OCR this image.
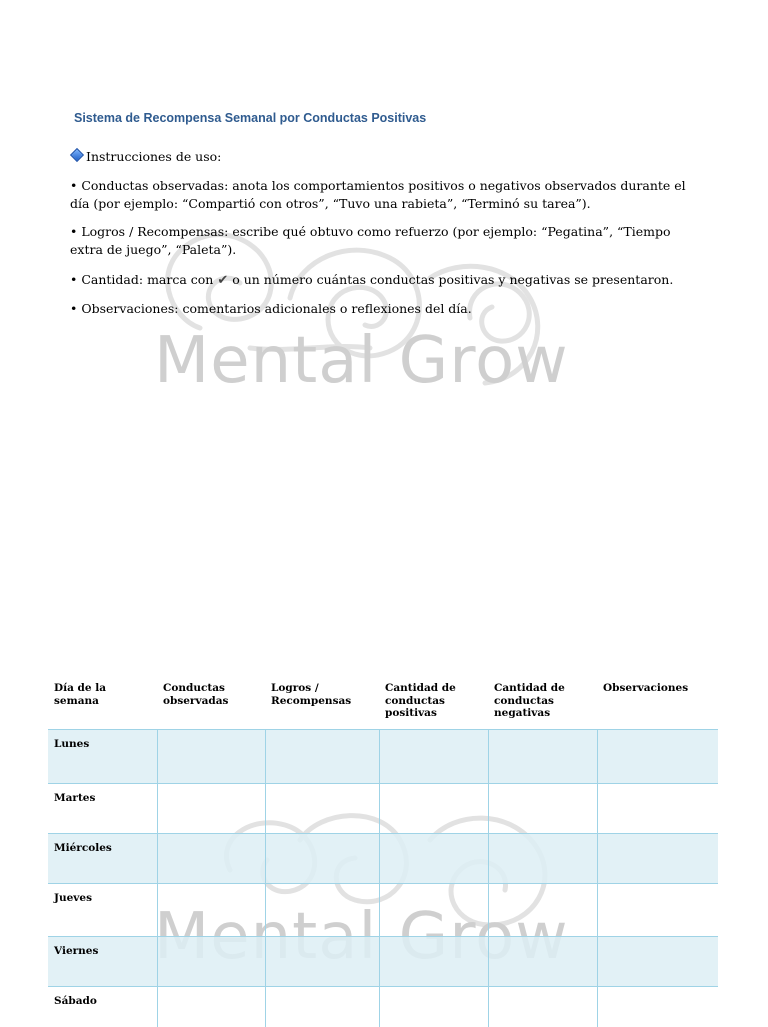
Mental Grow
Sistema de Recompensa Semanal por Conductas Positivas

Instrucciones de uso:

• Conductas observadas: anota los comportamientos positivos o negativos observados durante el día (por ejemplo: “Compartió con otros”, “Tuvo una rabieta”, “Terminó su tarea”).

• Logros / Recompensas: escribe qué obtuvo como refuerzo (por ejemplo: “Pegatina”, “Tiempo extra de juego”, “Paleta”).

• Cantidad: marca con ✔ o un número cuántas conductas positivas y negativas se presentaron.

• Observaciones: comentarios adicionales o reflexiones del día.

Día de la semana	Conductas observadas	Logros / Recompensas	Cantidad de conductas positivas	Cantidad de conductas negativas	Observaciones
Lunes					
Martes					
Miércoles					
Jueves					
Viernes					
Sábado					
